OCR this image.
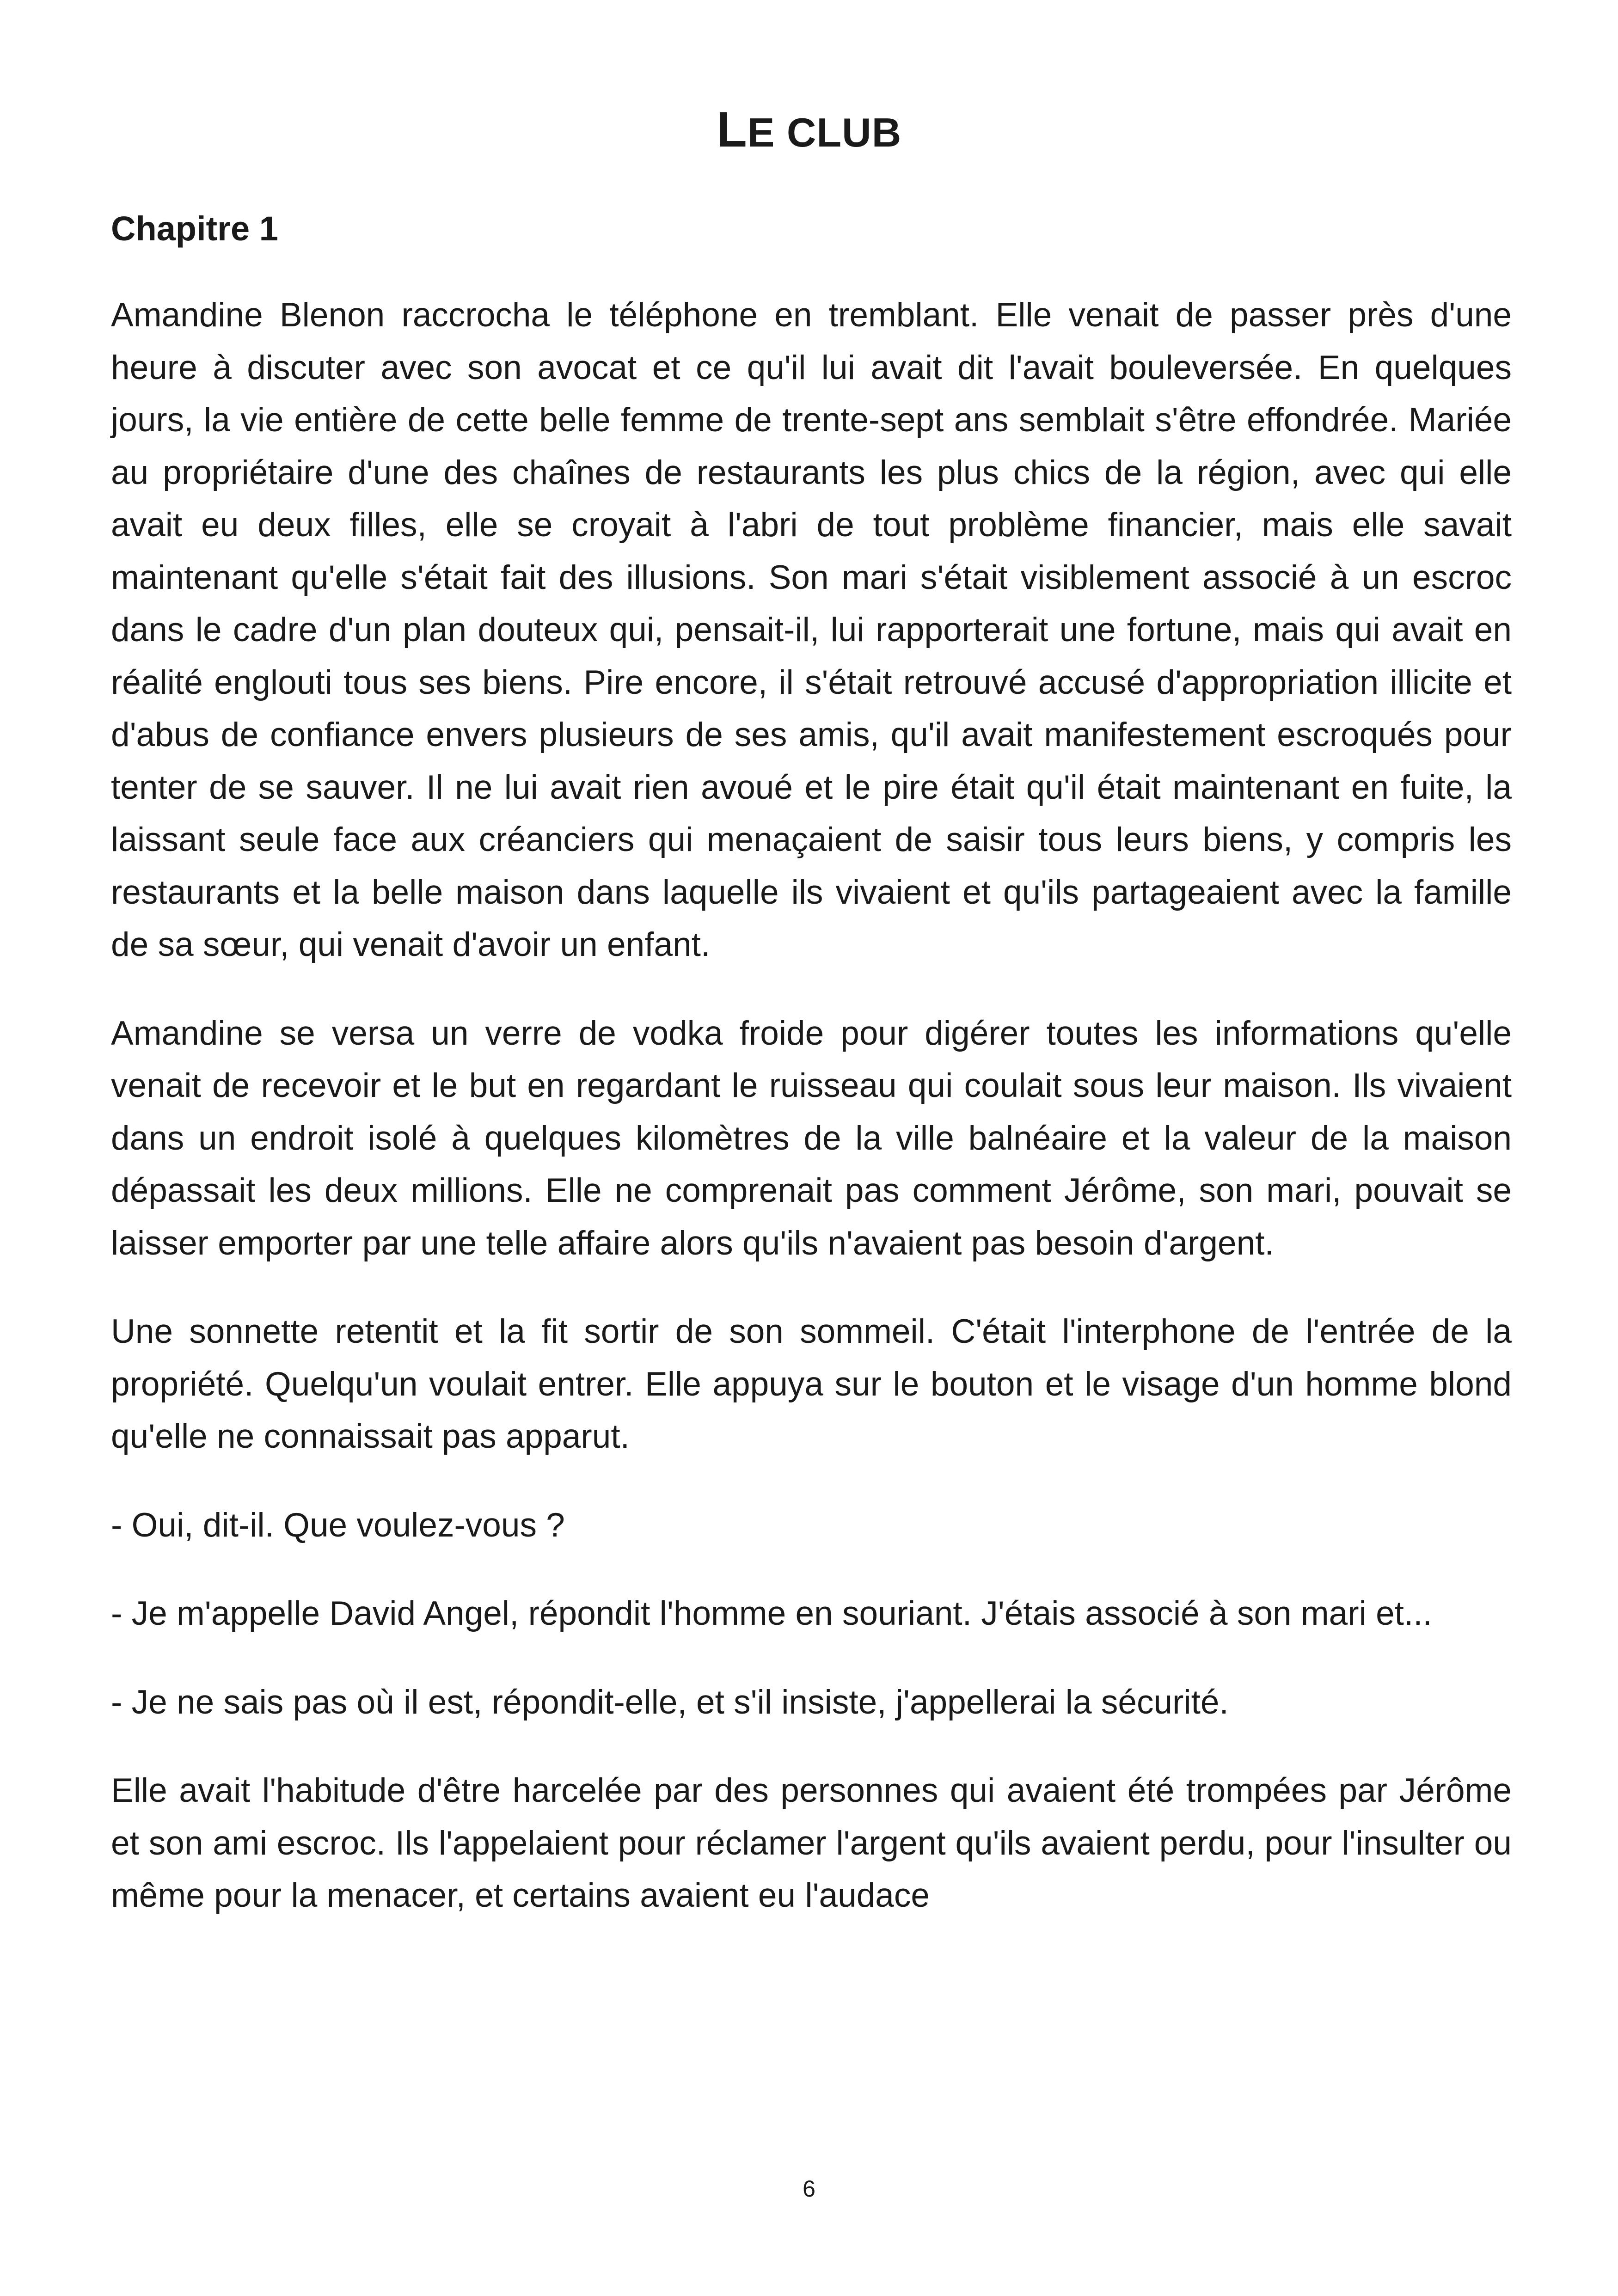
LE CLUB
Chapitre 1

Amandine Blenon raccrocha le téléphone en tremblant. Elle venait de passer près d'une heure à discuter avec son avocat et ce qu'il lui avait dit l'avait bouleversée. En quelques jours, la vie entière de cette belle femme de trente-sept ans semblait s'être effondrée. Mariée au propriétaire d'une des chaînes de restaurants les plus chics de la région, avec qui elle avait eu deux filles, elle se croyait à l'abri de tout problème financier, mais elle savait maintenant qu'elle s'était fait des illusions. Son mari s'était visiblement associé à un escroc dans le cadre d'un plan douteux qui, pensait-il, lui rapporterait une fortune, mais qui avait en réalité englouti tous ses biens. Pire encore, il s'était retrouvé accusé d'appropriation illicite et d'abus de confiance envers plusieurs de ses amis, qu'il avait manifestement escroqués pour tenter de se sauver. Il ne lui avait rien avoué et le pire était qu'il était maintenant en fuite, la laissant seule face aux créanciers qui menaçaient de saisir tous leurs biens, y compris les restaurants et la belle maison dans laquelle ils vivaient et qu'ils partageaient avec la famille de sa sœur, qui venait d'avoir un enfant.

Amandine se versa un verre de vodka froide pour digérer toutes les informations qu'elle venait de recevoir et le but en regardant le ruisseau qui coulait sous leur maison. Ils vivaient dans un endroit isolé à quelques kilomètres de la ville balnéaire et la valeur de la maison dépassait les deux millions. Elle ne comprenait pas comment Jérôme, son mari, pouvait se laisser emporter par une telle affaire alors qu'ils n'avaient pas besoin d'argent.

Une sonnette retentit et la fit sortir de son sommeil. C'était l'interphone de l'entrée de la propriété. Quelqu'un voulait entrer. Elle appuya sur le bouton et le visage d'un homme blond qu'elle ne connaissait pas apparut.

- Oui, dit-il. Que voulez-vous ?

- Je m'appelle David Angel, répondit l'homme en souriant. J'étais associé à son mari et...

- Je ne sais pas où il est, répondit-elle, et s'il insiste, j'appellerai la sécurité.

Elle avait l'habitude d'être harcelée par des personnes qui avaient été trompées par Jérôme et son ami escroc. Ils l'appelaient pour réclamer l'argent qu'ils avaient perdu, pour l'insulter ou même pour la menacer, et certains avaient eu l'audace

6
